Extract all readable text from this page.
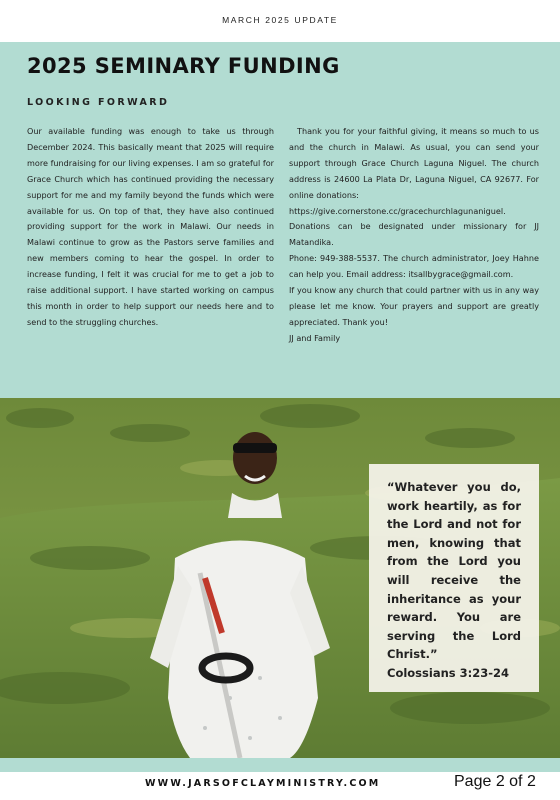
MARCH 2025 UPDATE
2025 SEMINARY FUNDING
LOOKING FORWARD

Our available funding was enough to take us through December 2024. This basically meant that 2025 will require more fundraising for our living expenses. I am so grateful for Grace Church which has continued providing the necessary support for me and my family beyond the funds which were available for us. On top of that, they have also continued providing support for the work in Malawi. Our needs in Malawi continue to grow as the Pastors serve families and new members coming to hear the gospel. In order to increase funding, I felt it was crucial for me to get a job to raise additional support. I have started working on campus this month in order to help support our needs here and to send to the struggling churches.

Thank you for your faithful giving, it means so much to us and the church in Malawi. As usual, you can send your support through Grace Church Laguna Niguel. The church address is 24600 La Plata Dr, Laguna Niguel, CA 92677. For online donations:

https://give.cornerstone.cc/gracechurchlagunaniguel.

Donations can be designated under missionary for JJ Matandika.

Phone: 949-388-5537. The church administrator, Joey Hahne can help you. Email address: itsallbygrace@gmail.com.

If you know any church that could partner with us in any way please let me know. Your prayers and support are greatly appreciated. Thank you!

JJ and Family

“Whatever you do, work heartily, as for the Lord and not for men, knowing that from the Lord you will receive the inheritance as your reward. You are serving the Lord Christ.”
Colossians 3:23-24
WWW.JARSOFCLAYMINISTRY.COM	Page 2 of 2
